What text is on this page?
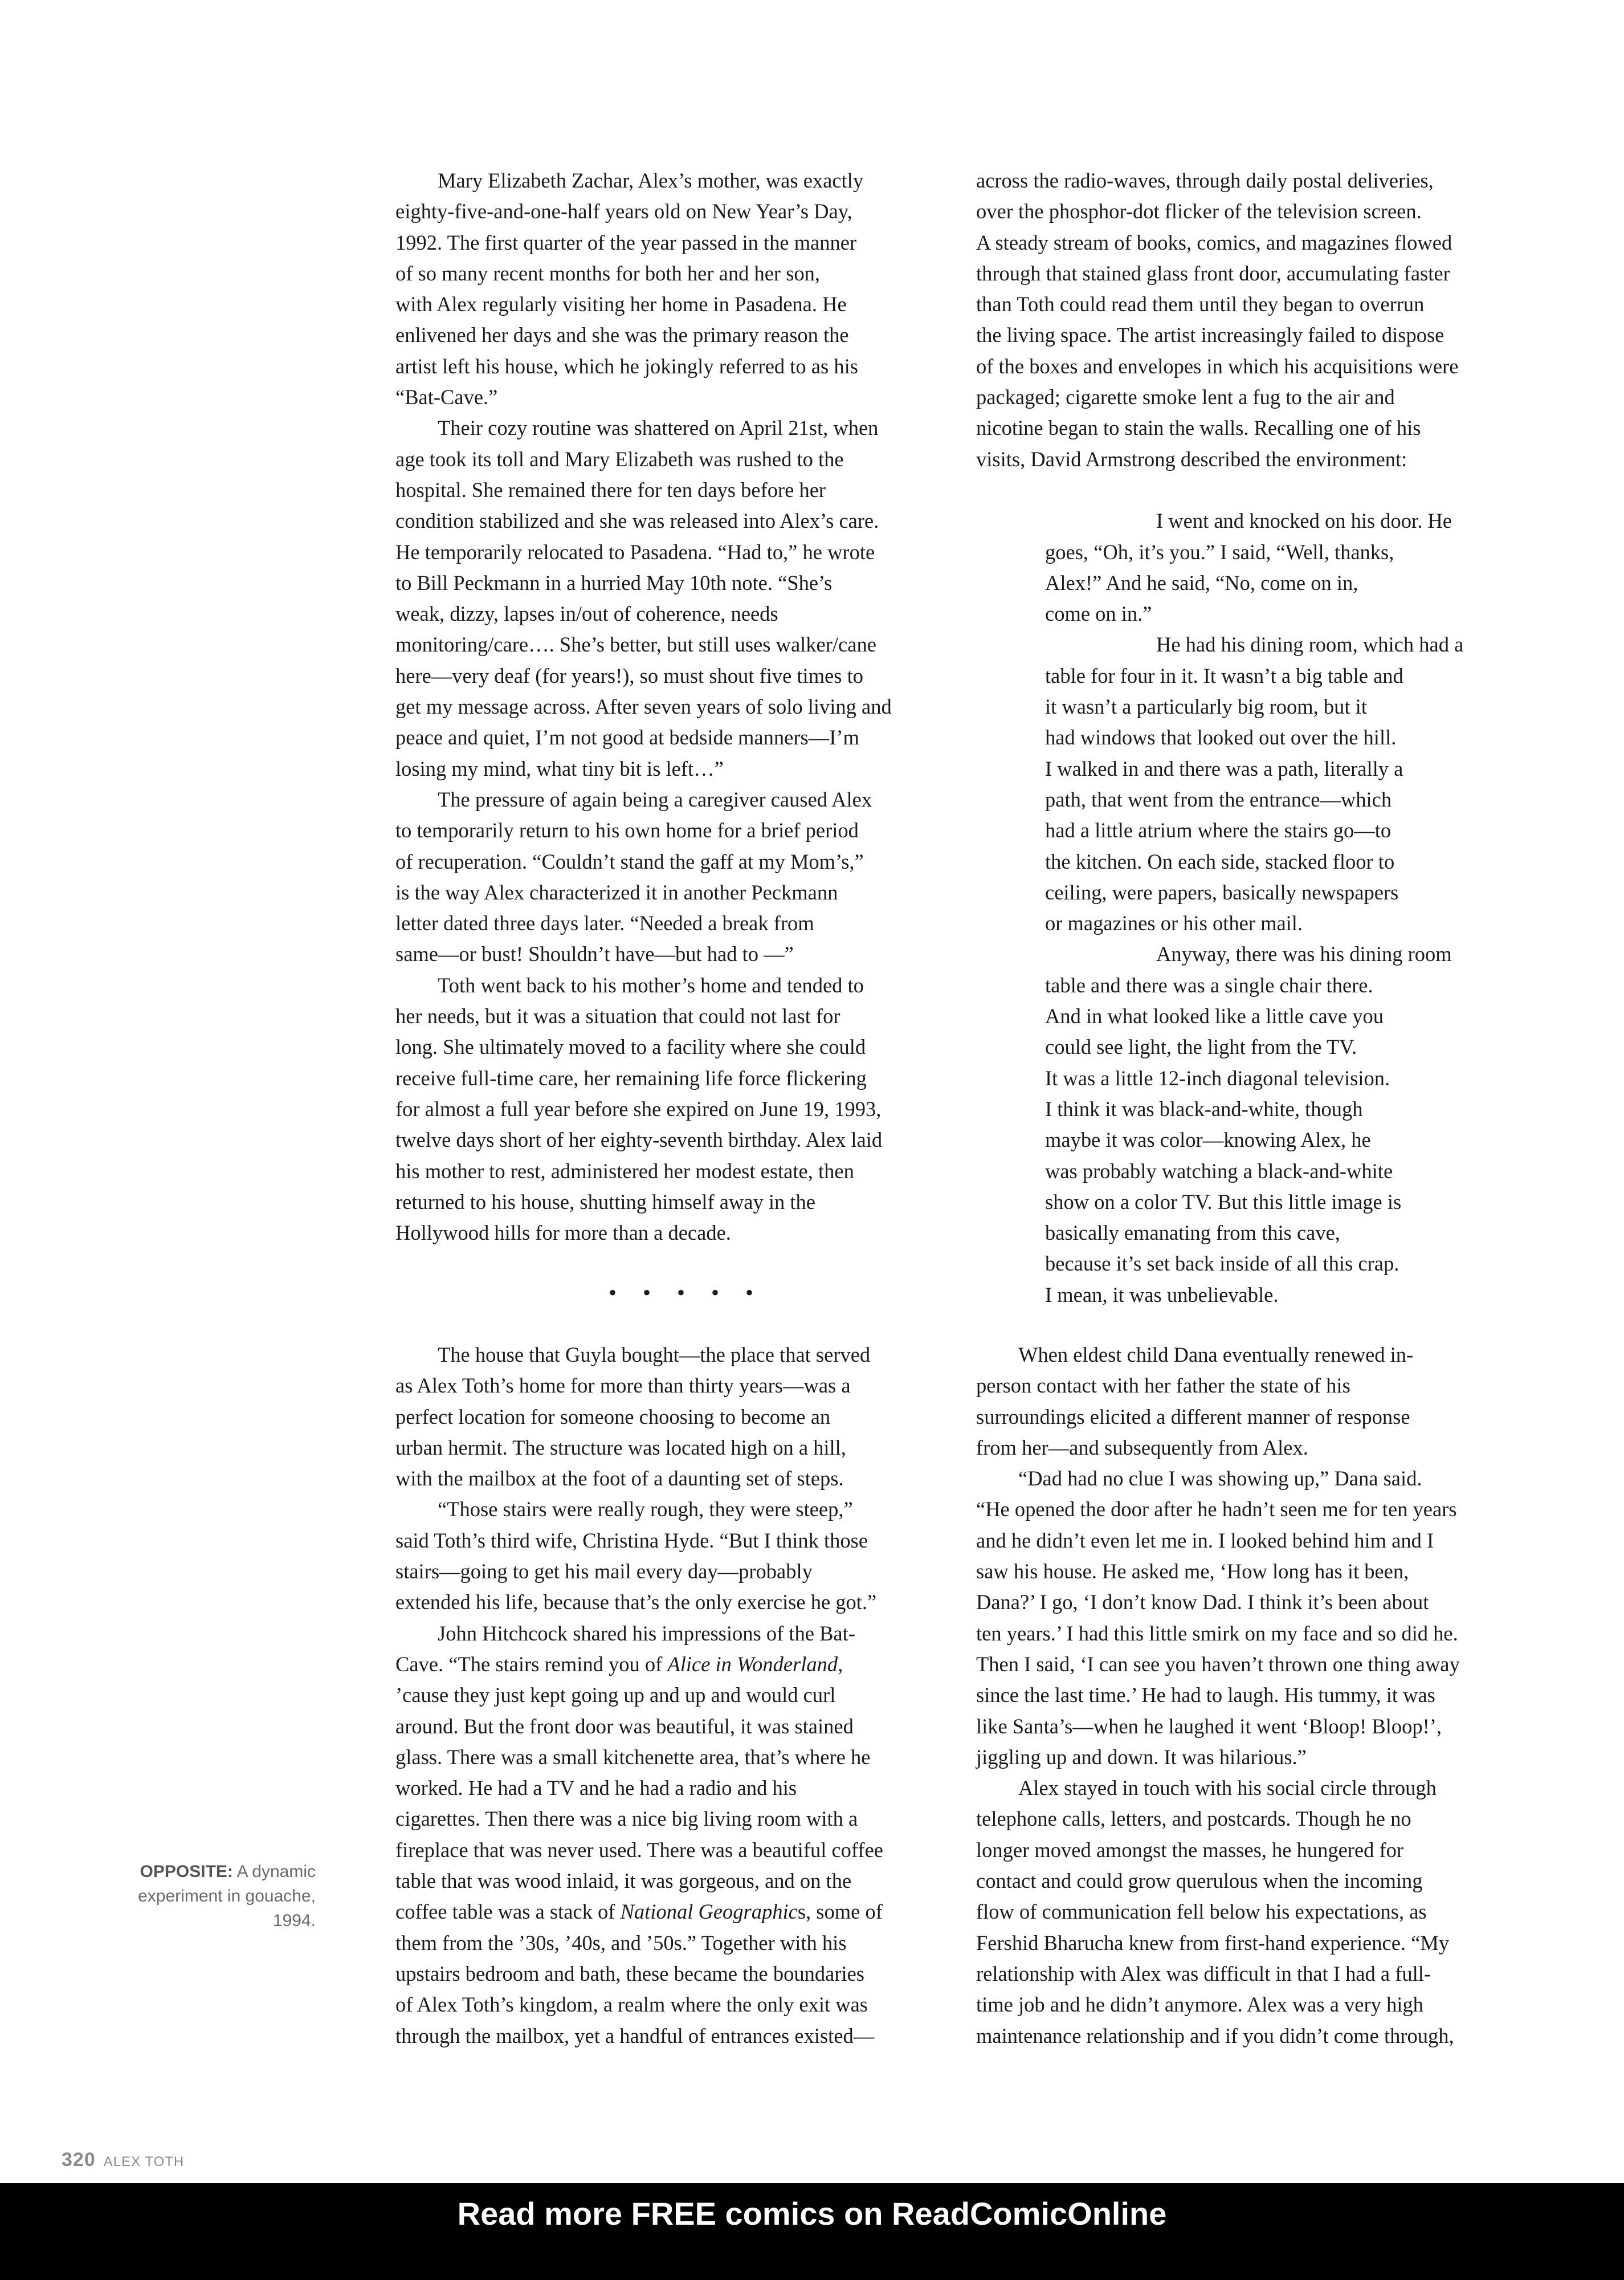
Mary Elizabeth Zachar, Alex’s mother, was exactly
eighty-five-and-one-half years old on New Year’s Day,
1992. The first quarter of the year passed in the manner
of so many recent months for both her and her son,
with Alex regularly visiting her home in Pasadena. He
enlivened her days and she was the primary reason the
artist left his house, which he jokingly referred to as his
“Bat-Cave.”
Their cozy routine was shattered on April 21st, when
age took its toll and Mary Elizabeth was rushed to the
hospital. She remained there for ten days before her
condition stabilized and she was released into Alex’s care.
He temporarily relocated to Pasadena. “Had to,” he wrote
to Bill Peckmann in a hurried May 10th note. “She’s
weak, dizzy, lapses in/out of coherence, needs
monitoring/care…. She’s better, but still uses walker/cane
here—very deaf (for years!), so must shout five times to
get my message across. After seven years of solo living and
peace and quiet, I’m not good at bedside manners—I’m
losing my mind, what tiny bit is left…”
The pressure of again being a caregiver caused Alex
to temporarily return to his own home for a brief period
of recuperation. “Couldn’t stand the gaff at my Mom’s,”
is the way Alex characterized it in another Peckmann
letter dated three days later. “Needed a break from
same—or bust! Shouldn’t have—but had to —”
Toth went back to his mother’s home and tended to
her needs, but it was a situation that could not last for
long. She ultimately moved to a facility where she could
receive full-time care, her remaining life force flickering
for almost a full year before she expired on June 19, 1993,
twelve days short of her eighty-seventh birthday. Alex laid
his mother to rest, administered her modest estate, then
returned to his house, shutting himself away in the
Hollywood hills for more than a decade.
• • • • •
The house that Guyla bought—the place that served
as Alex Toth’s home for more than thirty years—was a
perfect location for someone choosing to become an
urban hermit. The structure was located high on a hill,
with the mailbox at the foot of a daunting set of steps.
“Those stairs were really rough, they were steep,”
said Toth’s third wife, Christina Hyde. “But I think those
stairs—going to get his mail every day—probably
extended his life, because that’s the only exercise he got.”
John Hitchcock shared his impressions of the Bat-
Cave. “The stairs remind you of Alice in Wonderland,
’cause they just kept going up and up and would curl
around. But the front door was beautiful, it was stained
glass. There was a small kitchenette area, that’s where he
worked. He had a TV and he had a radio and his
cigarettes. Then there was a nice big living room with a
fireplace that was never used. There was a beautiful coffee
table that was wood inlaid, it was gorgeous, and on the
coffee table was a stack of National Geographics, some of
them from the ’30s, ’40s, and ’50s.” Together with his
upstairs bedroom and bath, these became the boundaries
of Alex Toth’s kingdom, a realm where the only exit was
through the mailbox, yet a handful of entrances existed—
across the radio-waves, through daily postal deliveries,
over the phosphor-dot flicker of the television screen.
A steady stream of books, comics, and magazines flowed
through that stained glass front door, accumulating faster
than Toth could read them until they began to overrun
the living space. The artist increasingly failed to dispose
of the boxes and envelopes in which his acquisitions were
packaged; cigarette smoke lent a fug to the air and
nicotine began to stain the walls. Recalling one of his
visits, David Armstrong described the environment:
I went and knocked on his door. He
goes, “Oh, it’s you.” I said, “Well, thanks,
Alex!” And he said, “No, come on in,
come on in.”
He had his dining room, which had a
table for four in it. It wasn’t a big table and
it wasn’t a particularly big room, but it
had windows that looked out over the hill.
I walked in and there was a path, literally a
path, that went from the entrance—which
had a little atrium where the stairs go—to
the kitchen. On each side, stacked floor to
ceiling, were papers, basically newspapers
or magazines or his other mail.
Anyway, there was his dining room
table and there was a single chair there.
And in what looked like a little cave you
could see light, the light from the TV.
It was a little 12-inch diagonal television.
I think it was black-and-white, though
maybe it was color—knowing Alex, he
was probably watching a black-and-white
show on a color TV. But this little image is
basically emanating from this cave,
because it’s set back inside of all this crap.
I mean, it was unbelievable.
When eldest child Dana eventually renewed in-
person contact with her father the state of his
surroundings elicited a different manner of response
from her—and subsequently from Alex.
“Dad had no clue I was showing up,” Dana said.
“He opened the door after he hadn’t seen me for ten years
and he didn’t even let me in. I looked behind him and I
saw his house. He asked me, ‘How long has it been,
Dana?’ I go, ‘I don’t know Dad. I think it’s been about
ten years.’ I had this little smirk on my face and so did he.
Then I said, ‘I can see you haven’t thrown one thing away
since the last time.’ He had to laugh. His tummy, it was
like Santa’s—when he laughed it went ‘Bloop! Bloop!’,
jiggling up and down. It was hilarious.”
Alex stayed in touch with his social circle through
telephone calls, letters, and postcards. Though he no
longer moved amongst the masses, he hungered for
contact and could grow querulous when the incoming
flow of communication fell below his expectations, as
Fershid Bharucha knew from first-hand experience. “My
relationship with Alex was difficult in that I had a full-
time job and he didn’t anymore. Alex was a very high
maintenance relationship and if you didn’t come through,
OPPOSITE: A dynamic
experiment in gouache,
1994.
320 ALEX TOTH
Read more FREE comics on ReadComicOnline
